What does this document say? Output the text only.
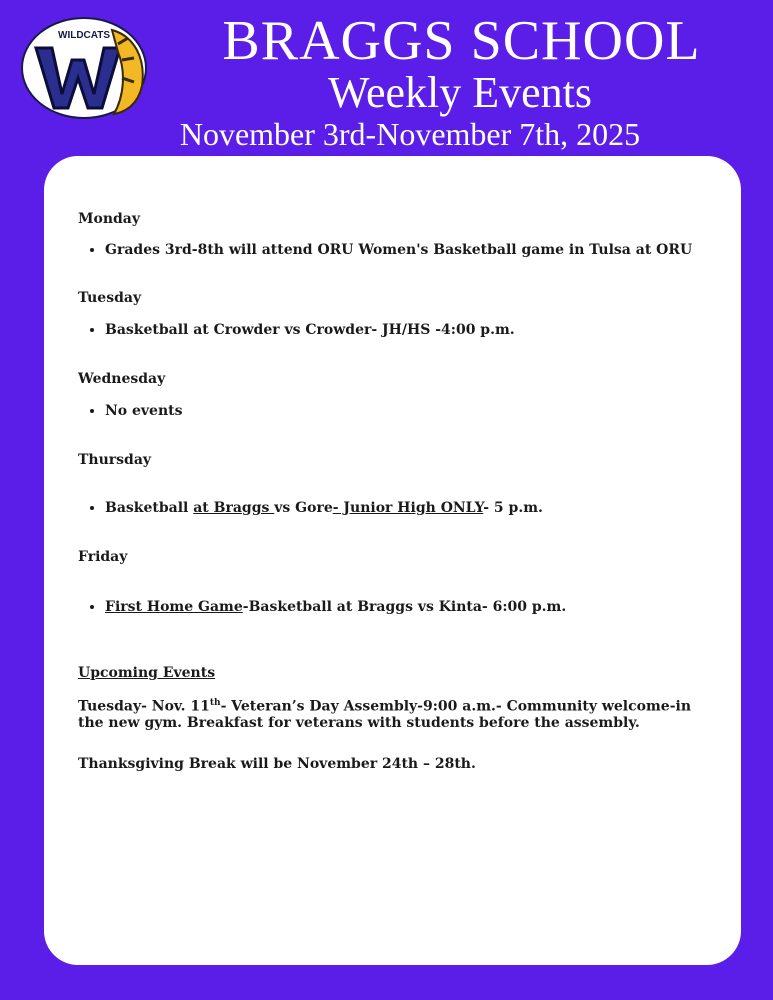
WILDCATS	BRAGGS SCHOOL
Weekly Events
November 3rd-November 7th, 2025

Monday

• Grades 3rd-8th will attend ORU Women's Basketball game in Tulsa at ORU

Tuesday

• Basketball at Crowder vs Crowder- JH/HS -4:00 p.m.

Wednesday

• No events

Thursday

• Basketball at Braggs vs Gore- Junior High ONLY- 5 p.m.

Friday

• First Home Game-Basketball at Braggs vs Kinta- 6:00 p.m.

Upcoming Events

Tuesday- Nov. 11th- Veteran’s Day Assembly-9:00 a.m.- Community welcome-in the new gym. Breakfast for veterans with students before the assembly.

Thanksgiving Break will be November 24th – 28th.
